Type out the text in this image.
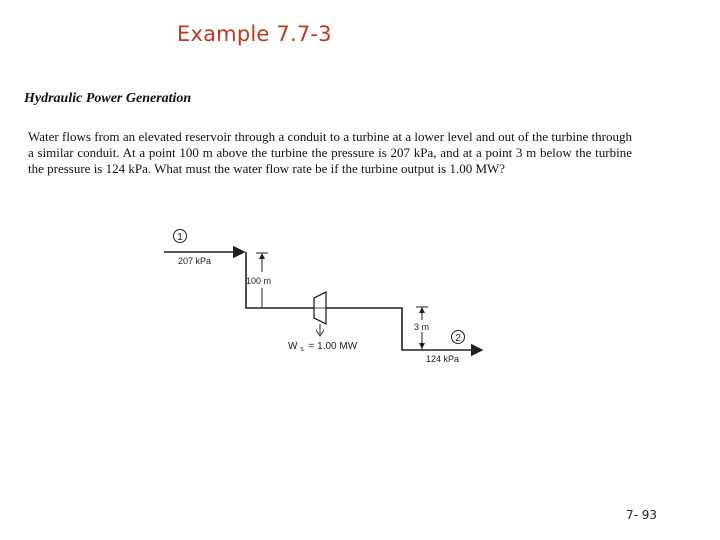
Example 7.7-3
Hydraulic Power Generation

Water flows from an elevated reservoir through a conduit to a turbine at a lower level and out of the turbine through a similar conduit. At a point 100 m above the turbine the pressure is 207 kPa, and at a point 3 m below the turbine the pressure is 124 kPa. What must the water flow rate be if the turbine output is 1.00 MW?

1
207 kPa
100 m
W $_s$ = 1.00 MW
3 m
2
124 kPa
7- 93
